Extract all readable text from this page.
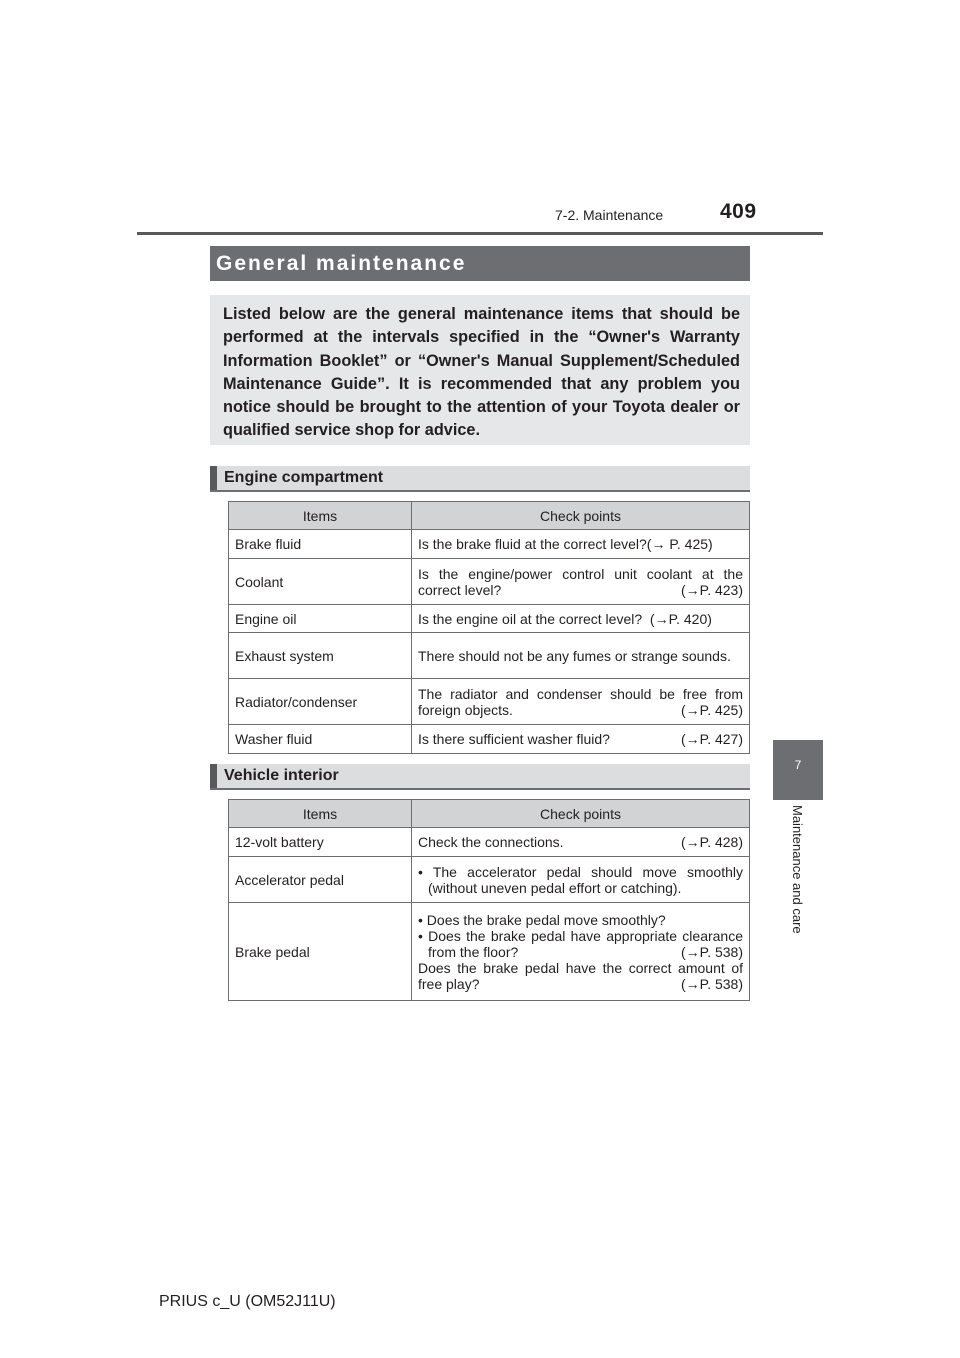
7-2. Maintenance	409
General maintenance
Listed below are the general maintenance items that should be performed at the intervals specified in the “Owner's Warranty Information Booklet” or “Owner's Manual Supplement/Scheduled Maintenance Guide”. It is recommended that any problem you notice should be brought to the attention of your Toyota dealer or qualified service shop for advice.
Engine compartment
Items	Check points
Brake fluid	Is the brake fluid at the correct level?(→ P. 425)
Coolant	Is the engine/power control unit coolant at the correct level? (→P. 423)

Engine oil	Is the engine oil at the correct level? (→P. 420)
Exhaust system	There should not be any fumes or strange sounds.
Radiator/condenser	The radiator and condenser should be free from foreign objects. (→P. 425)

Washer fluid	Is there sufficient washer fluid? (→P. 427)
Vehicle interior
Items	Check points
12-volt battery	Check the connections. (→P. 428)

Accelerator pedal	• The accelerator pedal should move smoothly (without uneven pedal effort or catching).
Brake pedal	• Does the brake pedal move smoothly?
• Does the brake pedal have appropriate clearance from the floor? (→P. 538)
Does the brake pedal have the correct amount of free play? (→P. 538)
7
Maintenance and care
PRIUS c_U (OM52J11U)
